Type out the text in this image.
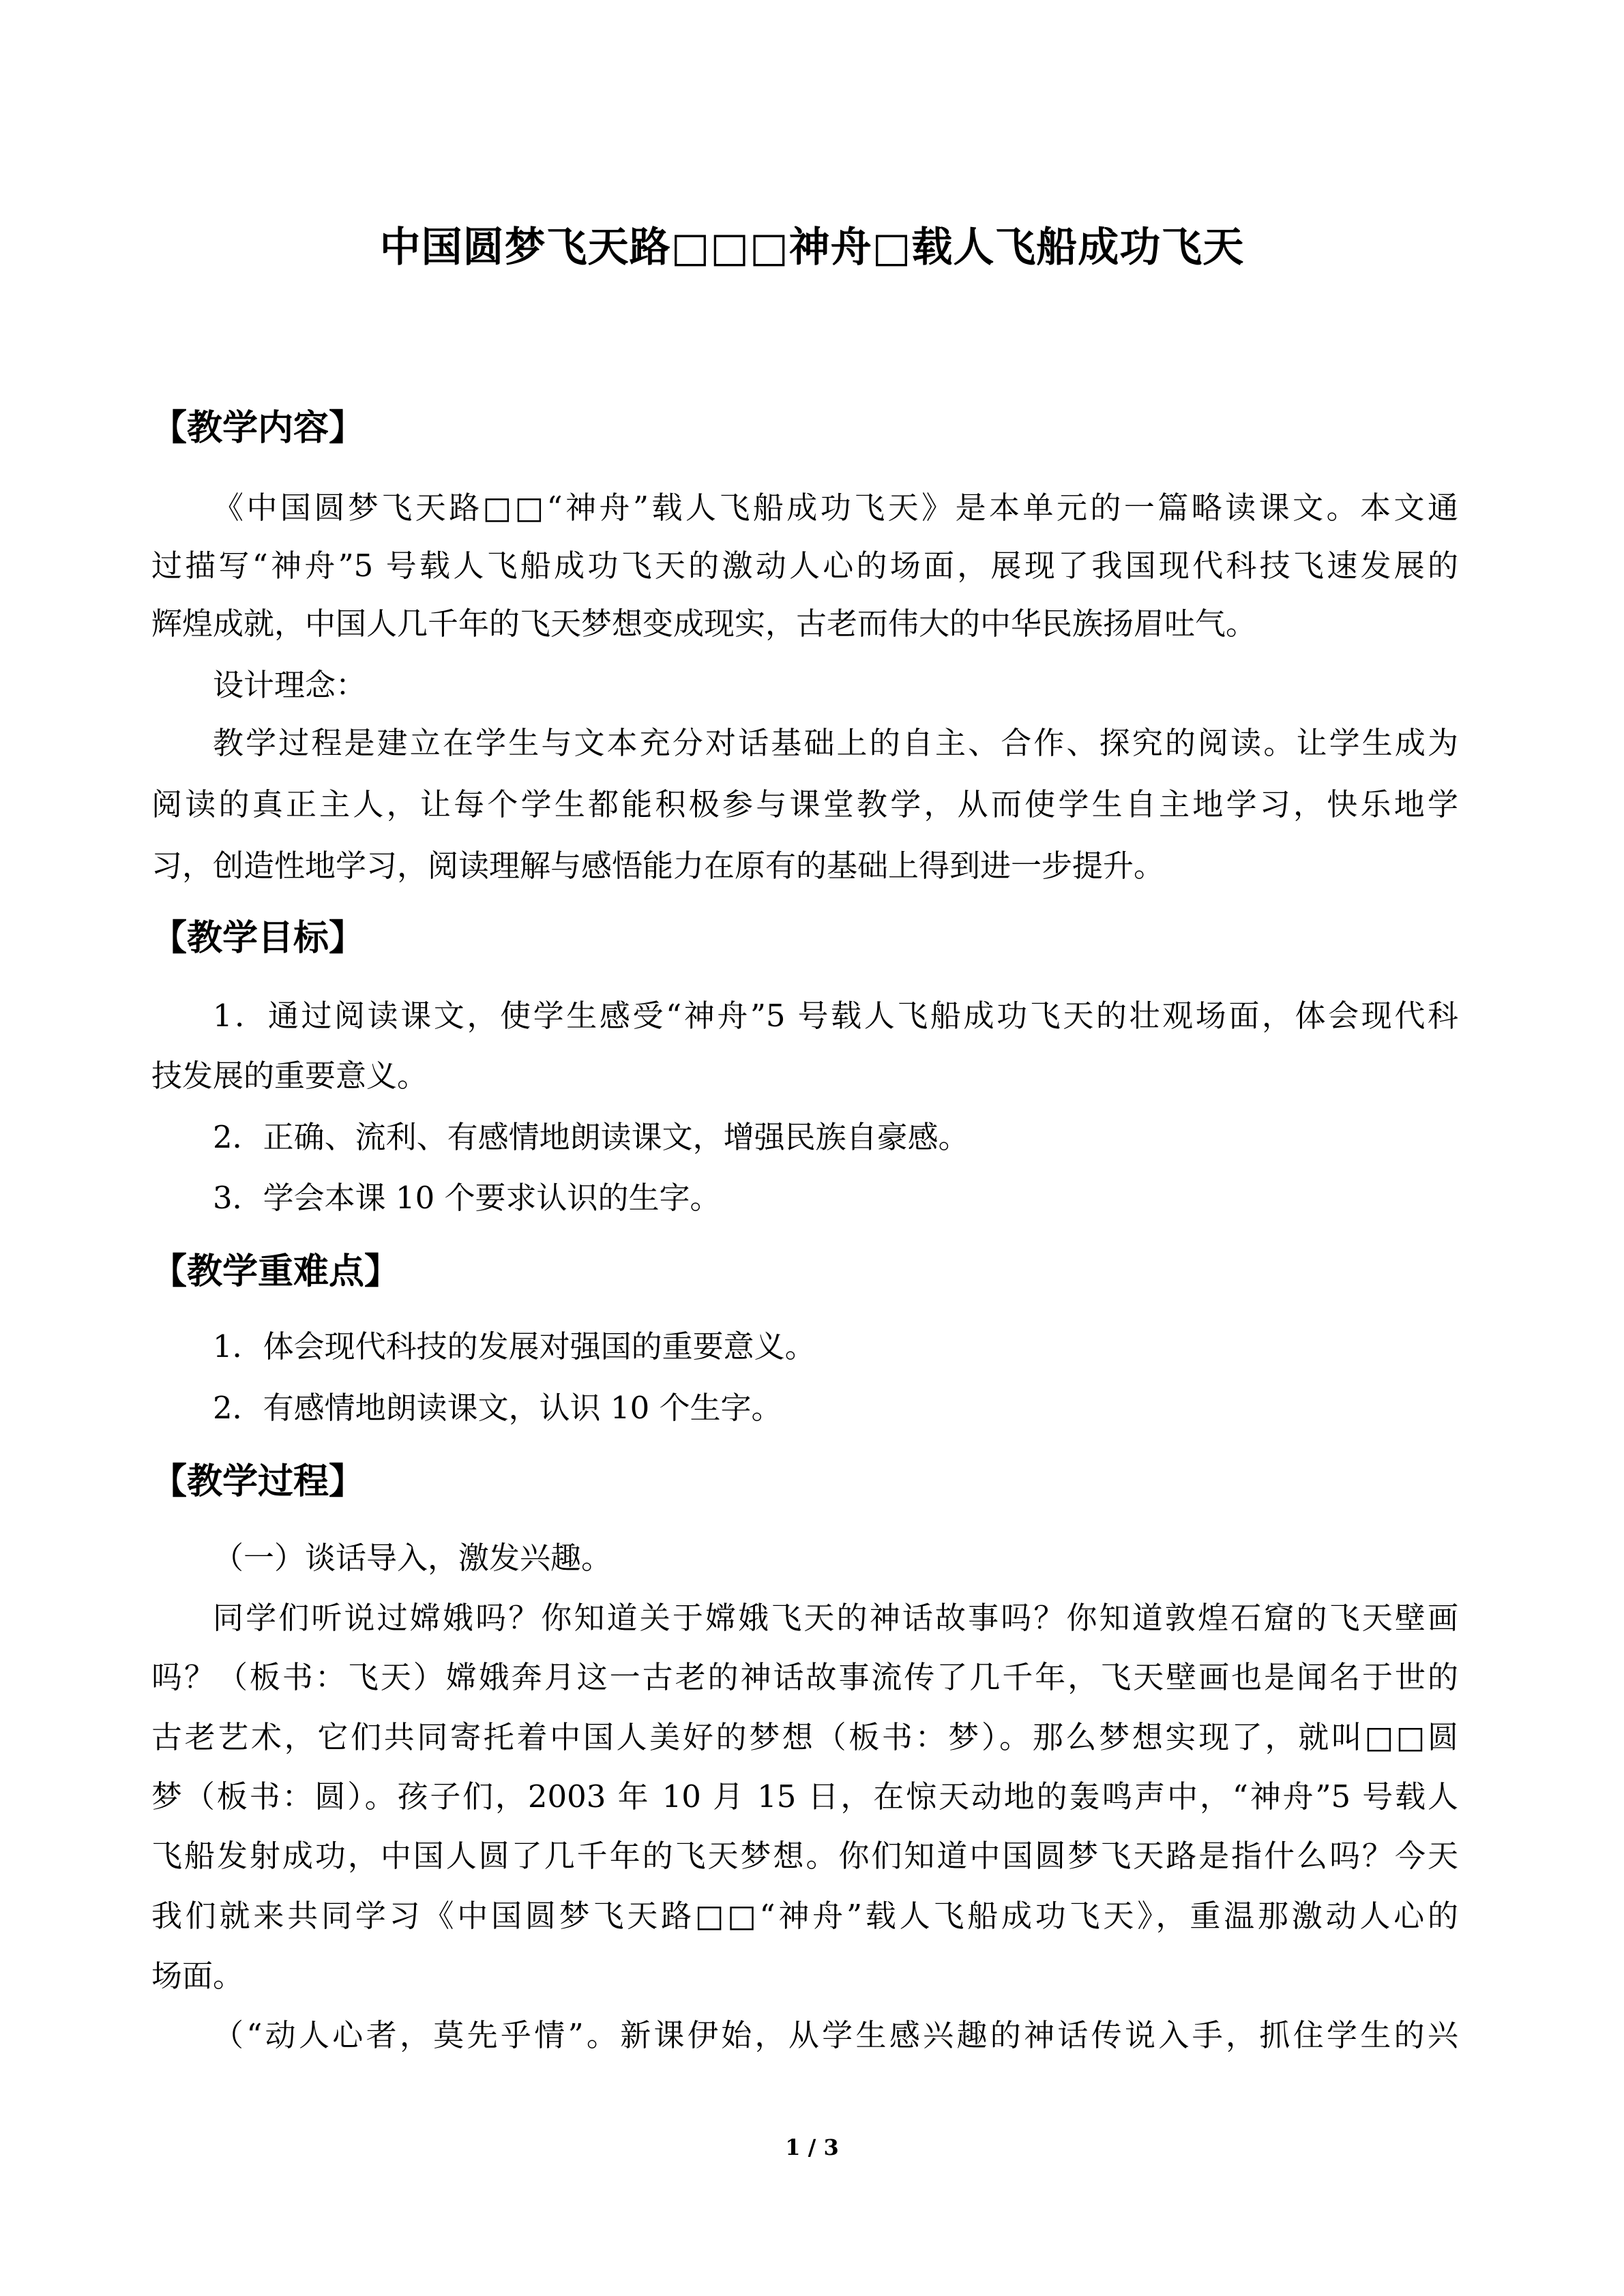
中国圆梦飞天路□□□神舟□载人飞船成功飞天
【教学内容】

《中国圆梦飞天路□□“神舟”载人飞船成功飞天》是本单元的一篇略读课文。本文通

过描写“神舟”5 号载人飞船成功飞天的激动人心的场面，展现了我国现代科技飞速发展的

辉煌成就，中国人几千年的飞天梦想变成现实，古老而伟大的中华民族扬眉吐气。

设计理念：

教学过程是建立在学生与文本充分对话基础上的自主、合作、探究的阅读。让学生成为

阅读的真正主人，让每个学生都能积极参与课堂教学，从而使学生自主地学习，快乐地学

习，创造性地学习，阅读理解与感悟能力在原有的基础上得到进一步提升。

【教学目标】

1．通过阅读课文，使学生感受“神舟”5 号载人飞船成功飞天的壮观场面，体会现代科

技发展的重要意义。

2．正确、流利、有感情地朗读课文，增强民族自豪感。

3．学会本课 10 个要求认识的生字。

【教学重难点】

1．体会现代科技的发展对强国的重要意义。

2．有感情地朗读课文，认识 10 个生字。

【教学过程】

（一）谈话导入，激发兴趣。

同学们听说过嫦娥吗？你知道关于嫦娥飞天的神话故事吗？你知道敦煌石窟的飞天壁画

吗？（板书：飞天）嫦娥奔月这一古老的神话故事流传了几千年，飞天壁画也是闻名于世的

古老艺术，它们共同寄托着中国人美好的梦想（板书：梦）。那么梦想实现了，就叫□□圆

梦（板书：圆）。孩子们，2003 年 10 月 15 日，在惊天动地的轰鸣声中，“神舟”5 号载人

飞船发射成功，中国人圆了几千年的飞天梦想。你们知道中国圆梦飞天路是指什么吗？今天

我们就来共同学习《中国圆梦飞天路□□“神舟”载人飞船成功飞天》，重温那激动人心的

场面。

（“动人心者，莫先乎情”。新课伊始，从学生感兴趣的神话传说入手，抓住学生的兴

1 / 3
